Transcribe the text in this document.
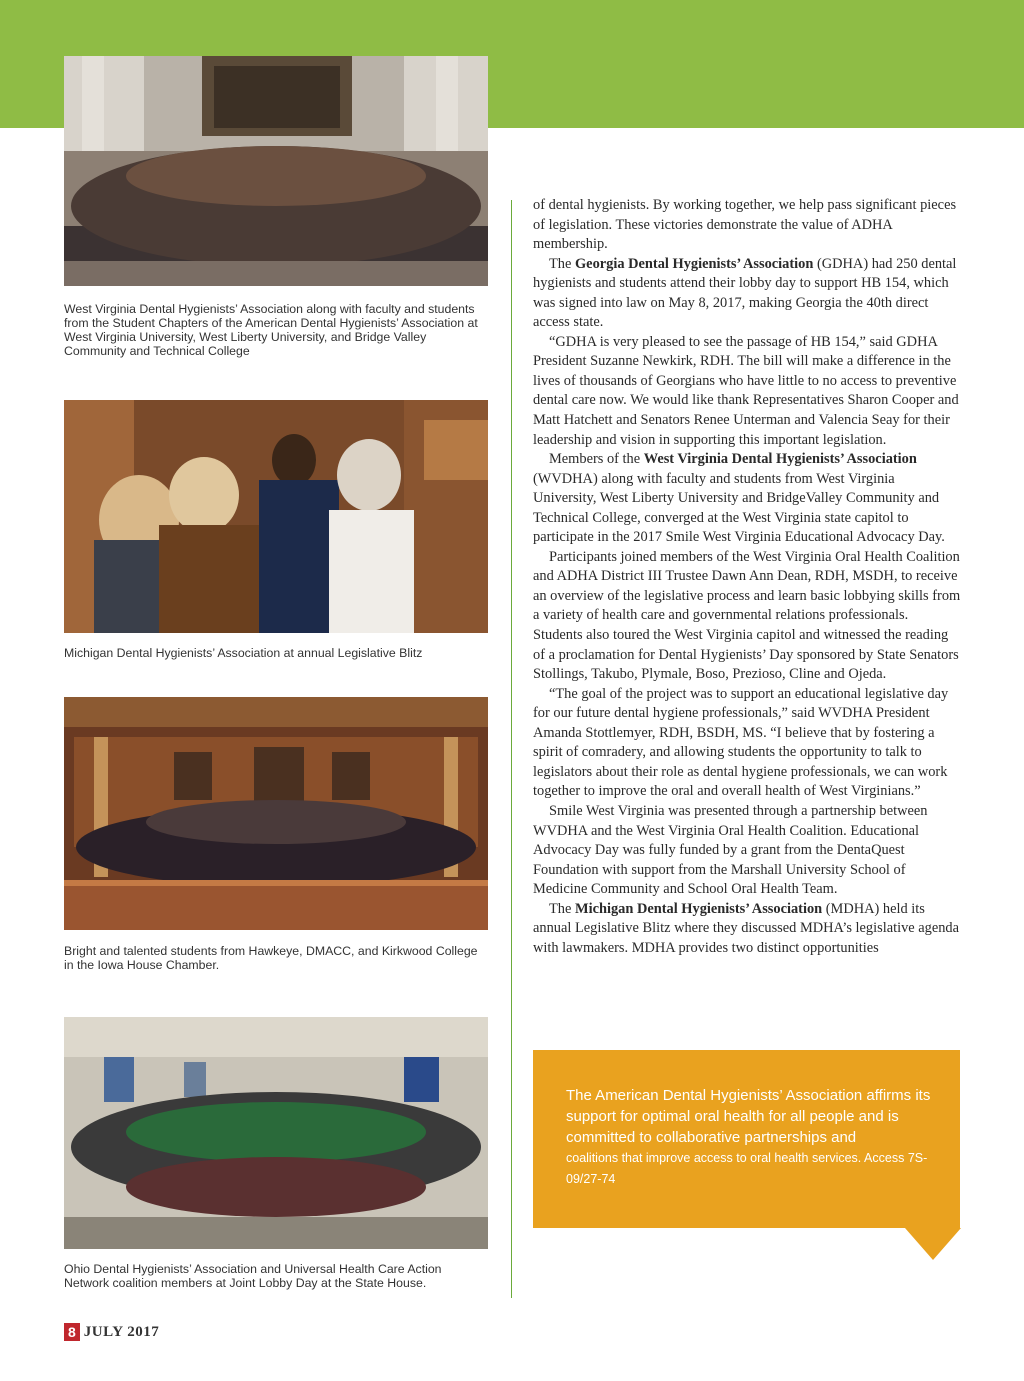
West Virginia Dental Hygienists’ Association along with faculty and students from the Student Chapters of the American Dental Hygienists’ Association at West Virginia University, West Liberty University, and Bridge Valley Community and Technical College
Michigan Dental Hygienists’ Association at annual Legislative Blitz
Bright and talented students from Hawkeye, DMACC, and Kirkwood College in the Iowa House Chamber.
Ohio Dental Hygienists’ Association and Universal Health Care Action Network coalition members at Joint Lobby Day at the State House.

of dental hygienists. By working together, we help pass significant pieces of legislation. These victories demonstrate the value of ADHA membership.

The Georgia Dental Hygienists’ Association (GDHA) had 250 dental hygienists and students attend their lobby day to support HB 154, which was signed into law on May 8, 2017, making Georgia the 40th direct access state.

“GDHA is very pleased to see the passage of HB 154,” said GDHA President Suzanne Newkirk, RDH. The bill will make a difference in the lives of thousands of Georgians who have little to no access to preventive dental care now. We would like thank Representatives Sharon Cooper and Matt Hatchett and Senators Renee Unterman and Valencia Seay for their leadership and vision in supporting this important legislation.

Members of the West Virginia Dental Hygienists’ Association (WVDHA) along with faculty and students from West Virginia University, West Liberty University and BridgeValley Community and Technical College, converged at the West Virginia state capitol to participate in the 2017 Smile West Virginia Educational Advocacy Day.

Participants joined members of the West Virginia Oral Health Coalition and ADHA District III Trustee Dawn Ann Dean, RDH, MSDH, to receive an overview of the legislative process and learn basic lobbying skills from a variety of health care and governmental relations professionals. Students also toured the West Virginia capitol and witnessed the reading of a proclamation for Dental Hygienists’ Day sponsored by State Senators Stollings, Takubo, Plymale, Boso, Prezioso, Cline and Ojeda.

“The goal of the project was to support an educational legislative day for our future dental hygiene professionals,” said WVDHA President Amanda Stottlemyer, RDH, BSDH, MS. “I believe that by fostering a spirit of comradery, and allowing students the opportunity to talk to legislators about their role as dental hygiene professionals, we can work together to improve the oral and overall health of West Virginians.”

Smile West Virginia was presented through a partnership between WVDHA and the West Virginia Oral Health Coalition. Educational Advocacy Day was fully funded by a grant from the DentaQuest Foundation with support from the Marshall University School of Medicine Community and School Oral Health Team.

The Michigan Dental Hygienists’ Association (MDHA) held its annual Legislative Blitz where they discussed MDHA’s legislative agenda with lawmakers. MDHA provides two distinct opportunities

The American Dental Hygienists’ Association affirms its support for optimal oral health for all people and is committed to collaborative partnerships and
coalitions that improve access to oral health services. Access 7S-09/27-74
8 JULY 2017
